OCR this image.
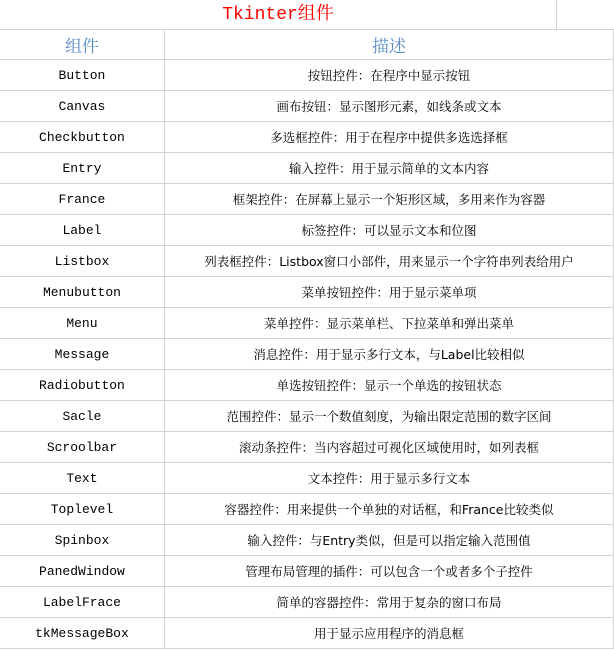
Tkinter组件
组件	描述
Button	按钮控件：在程序中显示按钮
Canvas	画布按钮：显示图形元素，如线条或文本
Checkbutton	多选框控件：用于在程序中提供多选选择框
Entry	输入控件：用于显示简单的文本内容
France	框架控件：在屏幕上显示一个矩形区域，多用来作为容器
Label	标签控件：可以显示文本和位图
Listbox	列表框控件：Listbox窗口小部件，用来显示一个字符串列表给用户
Menubutton	菜单按钮控件：用于显示菜单项
Menu	菜单控件：显示菜单栏、下拉菜单和弹出菜单
Message	消息控件：用于显示多行文本，与Label比较相似
Radiobutton	单选按钮控件：显示一个单选的按钮状态
Sacle	范围控件：显示一个数值刻度，为输出限定范围的数字区间
Scroolbar	滚动条控件：当内容超过可视化区域使用时，如列表框
Text	文本控件：用于显示多行文本
Toplevel	容器控件：用来提供一个单独的对话框，和France比较类似
Spinbox	输入控件：与Entry类似，但是可以指定输入范围值
PanedWindow	管理布局管理的插件：可以包含一个或者多个子控件
LabelFrace	简单的容器控件：常用于复杂的窗口布局
tkMessageBox	用于显示应用程序的消息框
